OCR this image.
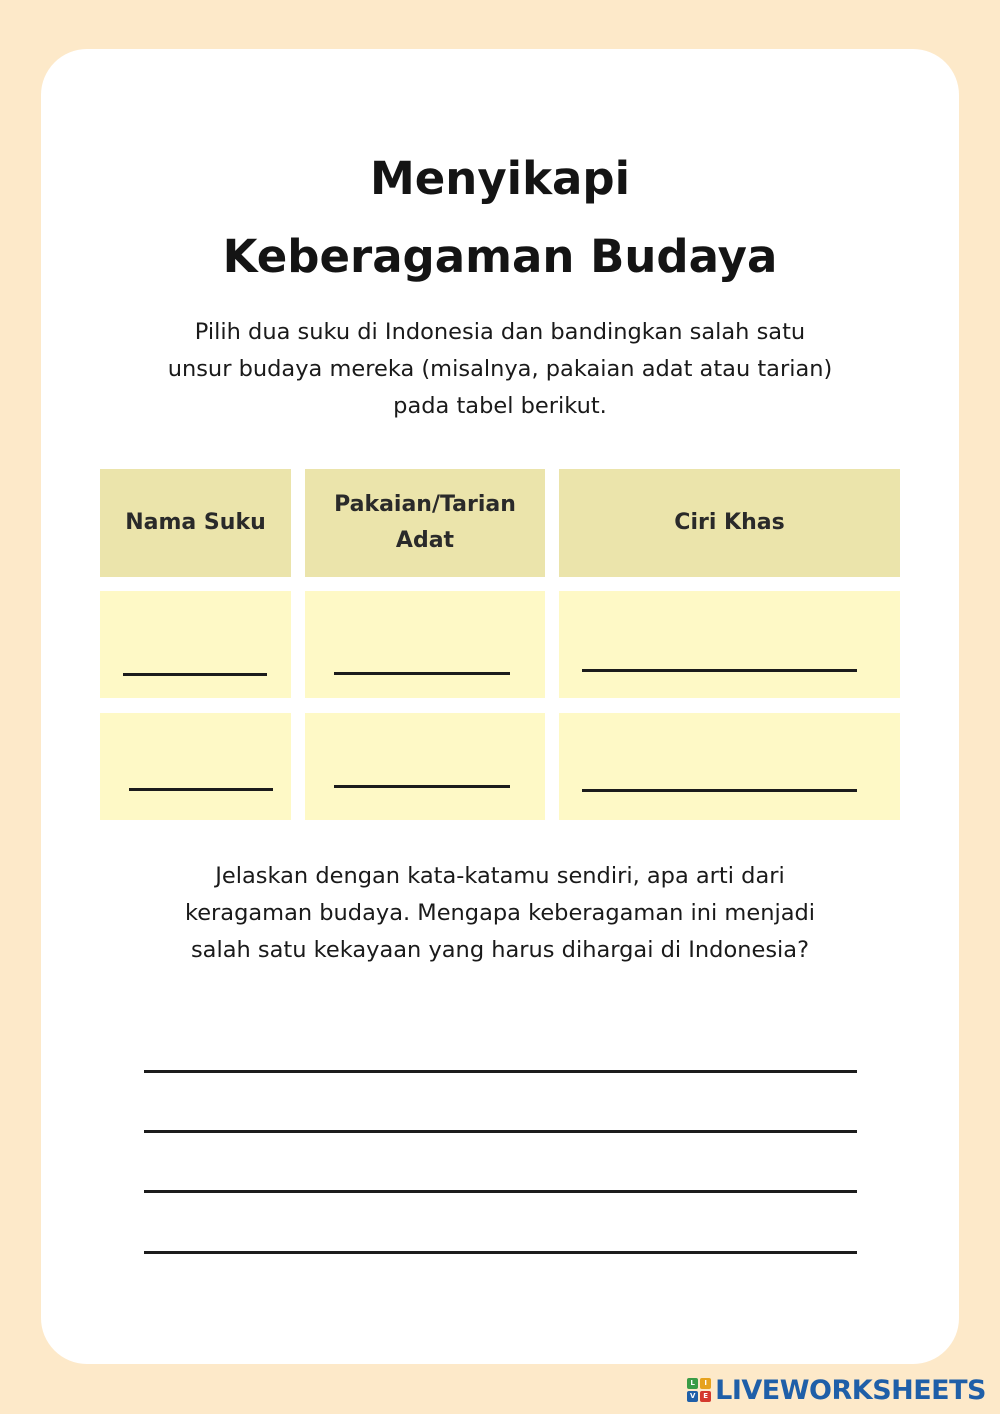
Menyikapi
Keberagaman Budaya

Pilih dua suku di Indonesia dan bandingkan salah satu
unsur budaya mereka (misalnya, pakaian adat atau tarian)
pada tabel berikut.

Nama Suku
Pakaian/Tarian
Adat
Ciri Khas

Jelaskan dengan kata-katamu sendiri, apa arti dari
keragaman budaya. Mengapa keberagaman ini menjadi
salah satu kekayaan yang harus dihargai di Indonesia?

L	I
V	E LIVEWORKSHEETS
